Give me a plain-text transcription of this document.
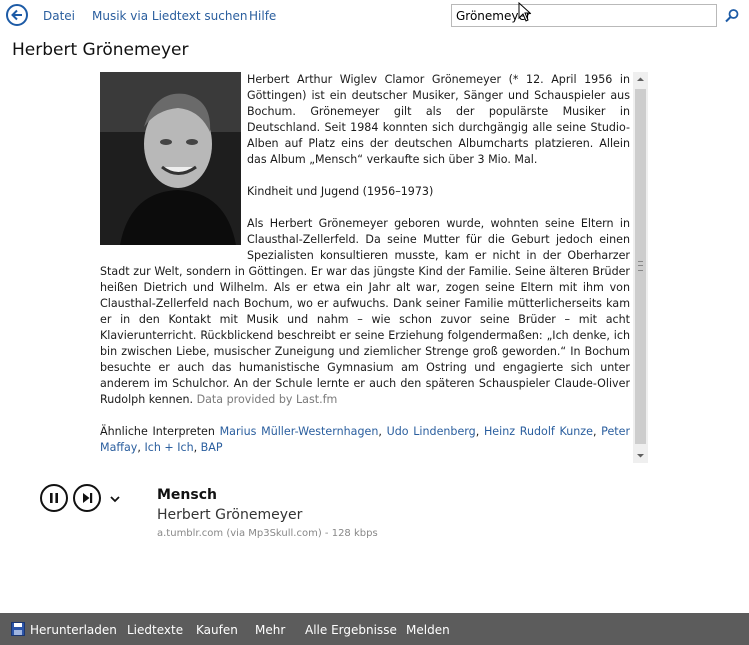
Datei Musik via Liedtext suchen Hilfe
Grönemeyer
Herbert Grönemeyer

Herbert Arthur Wiglev Clamor Grönemeyer (* 12. April 1956 in Göttingen) ist ein deutscher Musiker, Sänger und Schauspieler aus Bochum. Grönemeyer gilt als der populärste Musiker in Deutschland. Seit 1984 konnten sich durchgängig alle seine Studio-Alben auf Platz eins der deutschen Albumcharts platzieren. Allein das Album „Mensch“ verkaufte sich über 3 Mio. Mal.

Kindheit und Jugend (1956–1973)

Als Herbert Grönemeyer geboren wurde, wohnten seine Eltern in Clausthal-Zellerfeld. Da seine Mutter für die Geburt jedoch einen Spezialisten konsultieren musste, kam er nicht in der Oberharzer Stadt zur Welt, sondern in Göttingen. Er war das jüngste Kind der Familie. Seine älteren Brüder heißen Dietrich und Wilhelm. Als er etwa ein Jahr alt war, zogen seine Eltern mit ihm von Clausthal-Zellerfeld nach Bochum, wo er aufwuchs. Dank seiner Familie mütterlicherseits kam er in den Kontakt mit Musik und nahm – wie schon zuvor seine Brüder – mit acht Klavierunterricht. Rückblickend beschreibt er seine Erziehung folgendermaßen: „Ich denke, ich bin zwischen Liebe, musischer Zuneigung und ziemlicher Strenge groß geworden.“ In Bochum besuchte er auch das humanistische Gymnasium am Ostring und engagierte sich unter anderem im Schulchor. An der Schule lernte er auch den späteren Schauspieler Claude-Oliver Rudolph kennen. Data provided by Last.fm

Ähnliche Interpreten Marius Müller-Westernhagen, Udo Lindenberg, Heinz Rudolf Kunze, Peter Maffay, Ich + Ich, BAP

Mensch
Herbert Grönemeyer
a.tumblr.com (via Mp3Skull.com) - 128 kbps
Herunterladen Liedtexte Kaufen Mehr Alle Ergebnisse Melden
